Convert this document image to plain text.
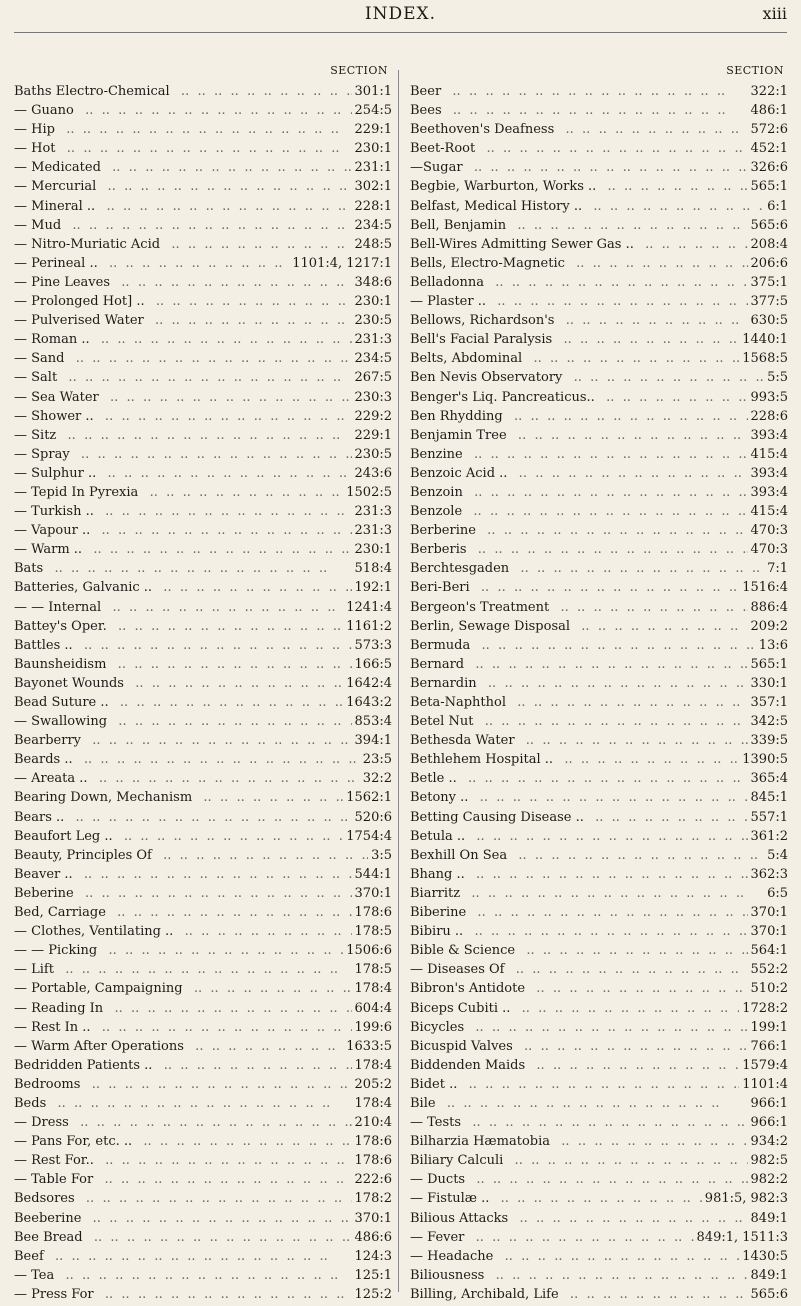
INDEX.	xiii
SECTION
Baths Electro-Chemical .. .	301:1
— Guano .. .	254:5
— Hip .. .	229:1
— Hot .. .	230:1
— Medicated .. .	231:1
— Mercurial .. .	302:1
— Mineral .. .. .	228:1
— Mud .. .	234:5
— Nitro-Muriatic Acid .. .	248:5
— Perineal .. .. .	1101:4, 1217:1
— Pine Leaves .. .	348:6
— Prolonged Hot] .. .. .	230:1
— Pulverised Water .. .	230:5
— Roman .. .. .	231:3
— Sand .. .	234:5
— Salt .. .	267:5
— Sea Water .. .	230:3
— Shower .. .. .	229:2
— Sitz .. .	229:1
— Spray .. .	230:5
— Sulphur .. .. .	243:6
— Tepid In Pyrexia .. .	1502:5
— Turkish .. .. .	231:3
— Vapour .. .. .	231:3
— Warm .. .. .	230:1
Bats .. .	518:4
Batteries, Galvanic .. .. .	192:1
— — Internal .. .	1241:4
Battey's Oper. .. .	1161:2
Battles .. .. .	573:3
Baunsheidism .. .	166:5
Bayonet Wounds .. .	1642:4
Bead Suture .. .. .	1643:2
— Swallowing .. .	853:4
Bearberry .. .	394:1
Beards .. .. .	23:5
— Areata .. .. .	32:2
Bearing Down, Mechanism .. .	1562:1
Bears .. .. .	520:6
Beaufort Leg .. .. .	1754:4
Beauty, Principles Of .. .	3:5
Beaver .. .. .	544:1
Beberine .. .	370:1
Bed, Carriage .. .	178:6
— Clothes, Ventilating .. .. .	178:5
— — Picking .. .	1506:6
— Lift .. .	178:5
— Portable, Campaigning .. .	178:4
— Reading In .. .	604:4
— Rest In .. .. .	199:6
— Warm After Operations .. .	1633:5
Bedridden Patients .. .. .	178:4
Bedrooms .. .	205:2
Beds .. .	178:4
— Dress .. .	210:4
— Pans For, etc. .. .. .	178:6
— Rest For.. .. .	178:6
— Table For .. .	222:6
Bedsores .. .	178:2
Beeberine .. .	370:1
Bee Bread .. .	486:6
Beef .. .	124:3
— Tea .. .	125:1
— Press For .. .	125:2
SECTION
Beer .. .	322:1
Bees .. .	486:1
Beethoven's Deafness .. .	572:6
Beet-Root .. .	452:1
—Sugar .. .	326:6
Begbie, Warburton, Works .. .. .	565:1
Belfast, Medical History .. .. .	6:1
Bell, Benjamin .. .	565:6
Bell-Wires Admitting Sewer Gas .. .. .	208:4
Bells, Electro-Magnetic .. .	206:6
Belladonna .. .	375:1
— Plaster .. .. .	377:5
Bellows, Richardson's .. .	630:5
Bell's Facial Paralysis .. .	1440:1
Belts, Abdominal .. .	1568:5
Ben Nevis Observatory .. .	5:5
Benger's Liq. Pancreaticus.. .. .	993:5
Ben Rhydding .. .	228:6
Benjamin Tree .. .	393:4
Benzine .. .	415:4
Benzoic Acid .. .. .	393:4
Benzoin .. .	393:4
Benzole .. .	415:4
Berberine .. .	470:3
Berberis .. .	470:3
Berchtesgaden .. .	7:1
Beri-Beri .. .	1516:4
Bergeon's Treatment .. .	886:4
Berlin, Sewage Disposal .. .	209:2
Bermuda .. .	13:6
Bernard .. .	565:1
Bernardin .. .	330:1
Beta-Naphthol .. .	357:1
Betel Nut .. .	342:5
Bethesda Water .. .	339:5
Bethlehem Hospital .. .. .	1390:5
Betle .. .. .	365:4
Betony .. .. .	845:1
Betting Causing Disease .. .. .	557:1
Betula .. .. .	361:2
Bexhill On Sea .. .	5:4
Bhang .. .. .	362:3
Biarritz .. .	6:5
Biberine .. .	370:1
Bibiru .. .. .	370:1
Bible & Science .. .	564:1
— Diseases Of .. .	552:2
Bibron's Antidote .. .	510:2
Biceps Cubiti .. .. .	1728:2
Bicycles .. .	199:1
Bicuspid Valves .. .	766:1
Biddenden Maids .. .	1579:4
Bidet .. .. .	1101:4
Bile .. .	966:1
— Tests .. .	966:1
Bilharzia Hæmatobia .. .	934:2
Biliary Calculi .. .	982:5
— Ducts .. .	982:2
— Fistulæ .. .. .	981:5, 982:3
Bilious Attacks .. .	849:1
— Fever .. .	849:1, 1511:3
— Headache .. .	1430:5
Biliousness .. .	849:1
Billing, Archibald, Life .. .	565:6
